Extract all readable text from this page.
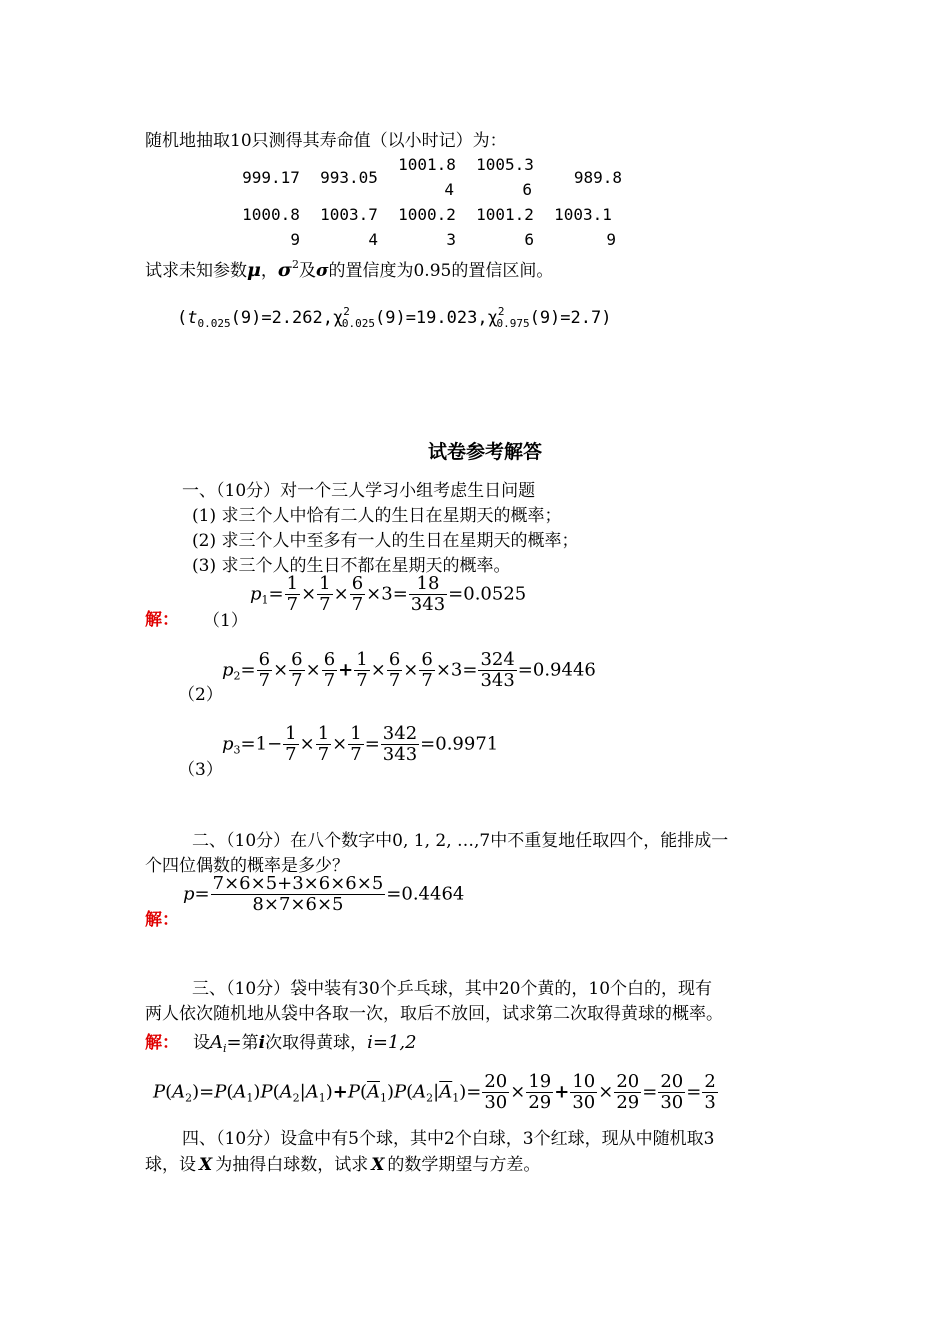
随机地抽取10只测得其寿命值（以小时记）为：
999.17	993.05
1001.8
4
1005.3
6
989.8
1000.8
9
1003.7
4
1000.2
3
1001.2
6
1003.1
9
试求未知参数μ，$\sigma^2$及σ的置信度为0.95的置信区间。
$(t_{0.025}(9)=2.262,\chi^2_{0.025}(9)=19.023,\chi^2_{0.975}(9)=2.7)$
试卷参考解答
一、（10分）对一个三人学习小组考虑生日问题
(1) 求三个人中恰有二人的生日在星期天的概率；
(2) 求三个人中至多有一人的生日在星期天的概率；
(3) 求三个人的生日不都在星期天的概率。
解： （1）
$p_1= \frac{1}{7} \times \frac{1}{7} \times \frac{6}{7} \times 3= \frac{18}{343} =0.0525$
（2）
$p_2= \frac{6}{7} \times \frac{6}{7} \times \frac{6}{7} + \frac{1}{7} \times \frac{6}{7} \times \frac{6}{7} \times 3= \frac{324}{343} =0.9446$
（3）
$p_3=1- \frac{1}{7} \times \frac{1}{7} \times \frac{1}{7} = \frac{342}{343} =0.9971$
二、（10分）在八个数字中0, 1, 2, …,7中不重复地任取四个，能排成一
个四位偶数的概率是多少？
解：
$p= \frac{7\times 6\times 5+3\times 6\times 6\times 5}{8\times 7\times 6\times 5} =0.4464$
三、（10分）袋中装有30个乒乓球，其中20个黄的，10个白的，现有
两人依次随机地从袋中各取一次，取后不放回，试求第二次取得黄球的概率。
解： 设$A_i=$第i次取得黄球，i=1,2
$P(A_2)=P(A_1)P(A_2|A_1)+P(\overline{A}_1)P(A_2|\overline{A}_1)= \frac{20}{30} \times \frac{19}{29} + \frac{10}{30} \times \frac{20}{29} = \frac{20}{30} = \frac{2}{3}$
四、（10分）设盒中有5个球，其中2个白球，3个红球，现从中随机取3
球，设 X 为抽得白球数，试求 X 的数学期望与方差。
